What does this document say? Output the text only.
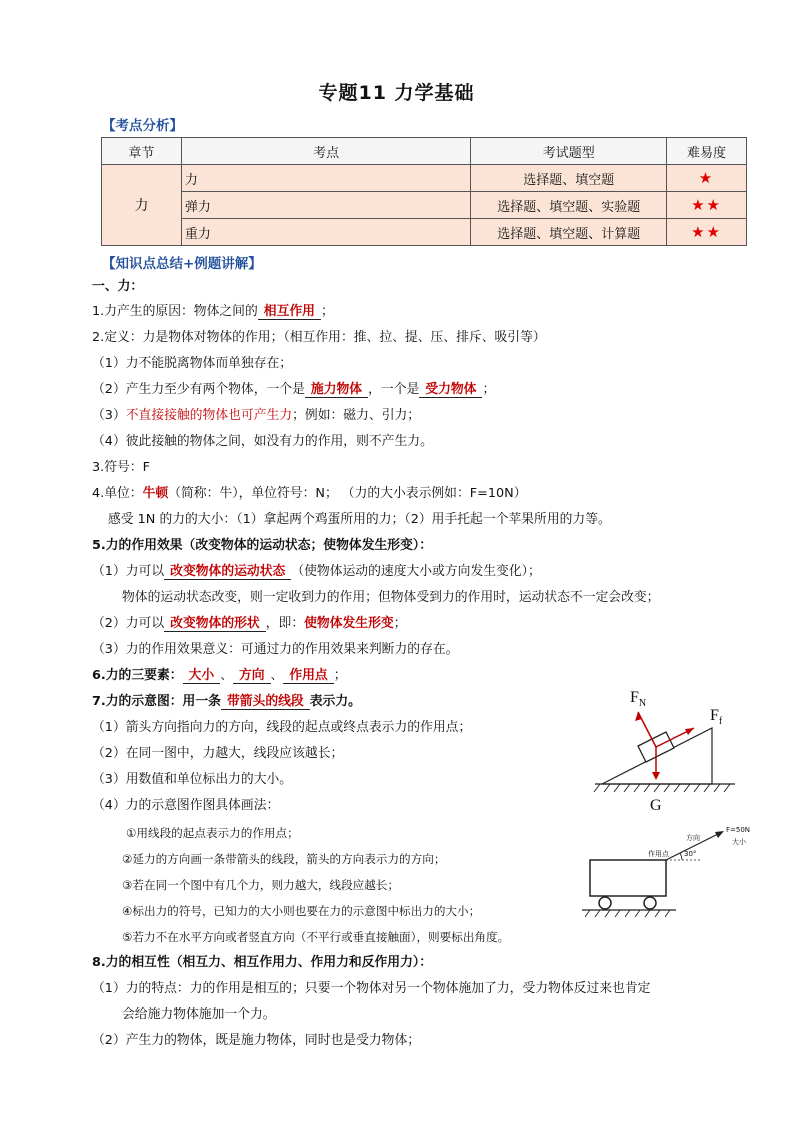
专题11 力学基础
【考点分析】
章节	考点	考试题型	难易度
力	力	选择题、填空题	★
	弹力	选择题、填空题、实验题	★★
	重力	选择题、填空题、计算题	★★
【知识点总结+例题讲解】
一、力：
1.力产生的原因：物体之间的 相互作用 ；
2.定义：力是物体对物体的作用；（相互作用：推、拉、提、压、排斥、吸引等）
（1）力不能脱离物体而单独存在；
（2）产生力至少有两个物体，一个是 施力物体 ，一个是 受力物体 ；
（3）不直接接触的物体也可产生力；例如：磁力、引力；
（4）彼此接触的物体之间，如没有力的作用，则不产生力。
3.符号：F
4.单位：牛顿（简称：牛），单位符号：N； （力的大小表示例如：F=10N）
感受 1N 的力的大小：（1）拿起两个鸡蛋所用的力；（2）用手托起一个苹果所用的力等。
5.力的作用效果（改变物体的运动状态；使物体发生形变）：
（1）力可以 改变物体的运动状态 （使物体运动的速度大小或方向发生变化）；
物体的运动状态改变，则一定收到力的作用；但物体受到力的作用时，运动状态不一定会改变；
（2）力可以 改变物体的形状 ，即：使物体发生形变；
（3）力的作用效果意义：可通过力的作用效果来判断力的存在。
6.力的三要素： 大小 、 方向 、 作用点 ；
7.力的示意图：用一条 带箭头的线段 表示力。
（1）箭头方向指向力的方向，线段的起点或终点表示力的作用点；
（2）在同一图中，力越大，线段应该越长；
（3）用数值和单位标出力的大小。
（4）力的示意图作图具体画法：
①用线段的起点表示力的作用点；
②延力的方向画一条带箭头的线段，箭头的方向表示力的方向；
③若在同一个图中有几个力，则力越大，线段应越长；
④标出力的符号，已知力的大小则也要在力的示意图中标出力的大小；
⑤若力不在水平方向或者竖直方向（不平行或垂直接触面），则要标出角度。
8.力的相互性（相互力、相互作用力、作用力和反作用力）：
（1）力的特点：力的作用是相互的；只要一个物体对另一个物体施加了力，受力物体反过来也肯定
会给施力物体施加一个力。
（2）产生力的物体，既是施力物体，同时也是受力物体；
$F_N$
$F_f$
G
30°
作用点
方向
F=50N
大小
